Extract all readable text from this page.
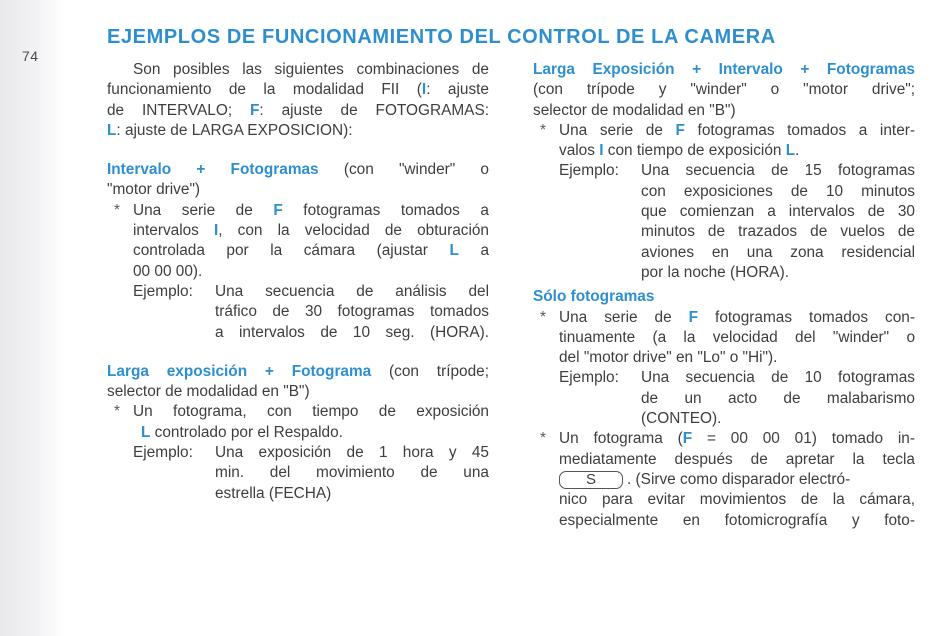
74
EJEMPLOS DE FUNCIONAMIENTO DEL CONTROL DE LA CAMERA

Son posibles las siguientes combinaciones de

funcionamiento de la modalidad FII (I: ajuste

de INTERVALO; F: ajuste de FOTOGRAMAS:

L: ajuste de LARGA EXPOSICION):

Intervalo + Fotogramas (con "winder" o

"motor drive")

* Una serie de F fotogramas tomados a

intervalos I, con la velocidad de obturación

controlada por la cámara (ajustar L a

00 00 00).

Ejemplo:	Una secuencia de análisis del

tráfico de 30 fotogramas tomados

a intervalos de 10 seg. (HORA).

Larga exposición + Fotograma (con trípode;

selector de modalidad en "B")

* Un fotograma, con tiempo de exposición

L controlado por el Respaldo.

Ejemplo:	Una exposición de 1 hora y 45

min. del movimiento de una

estrella (FECHA)

Larga Exposición + Intervalo + Fotogramas

(con trípode y "winder" o "motor drive";

selector de modalidad en "B")

* Una serie de F fotogramas tomados a inter-

valos I con tiempo de exposición L.

Ejemplo:	Una secuencia de 15 fotogramas

con exposiciones de 10 minutos

que comienzan a intervalos de 30

minutos de trazados de vuelos de

aviones en una zona residencial

por la noche (HORA).

Sólo fotogramas

* Una serie de F fotogramas tomados con-

tinuamente (a la velocidad del "winder" o

del "motor drive" en "Lo" o "Hi").

Ejemplo:	Una secuencia de 10 fotogramas

de un acto de malabarismo

(CONTEO).

* Un fotograma (F = 00 00 01) tomado in-

mediatamente después de apretar la tecla

S . (Sirve como disparador electró-

nico para evitar movimientos de la cámara,

especialmente en fotomicrografía y foto-
